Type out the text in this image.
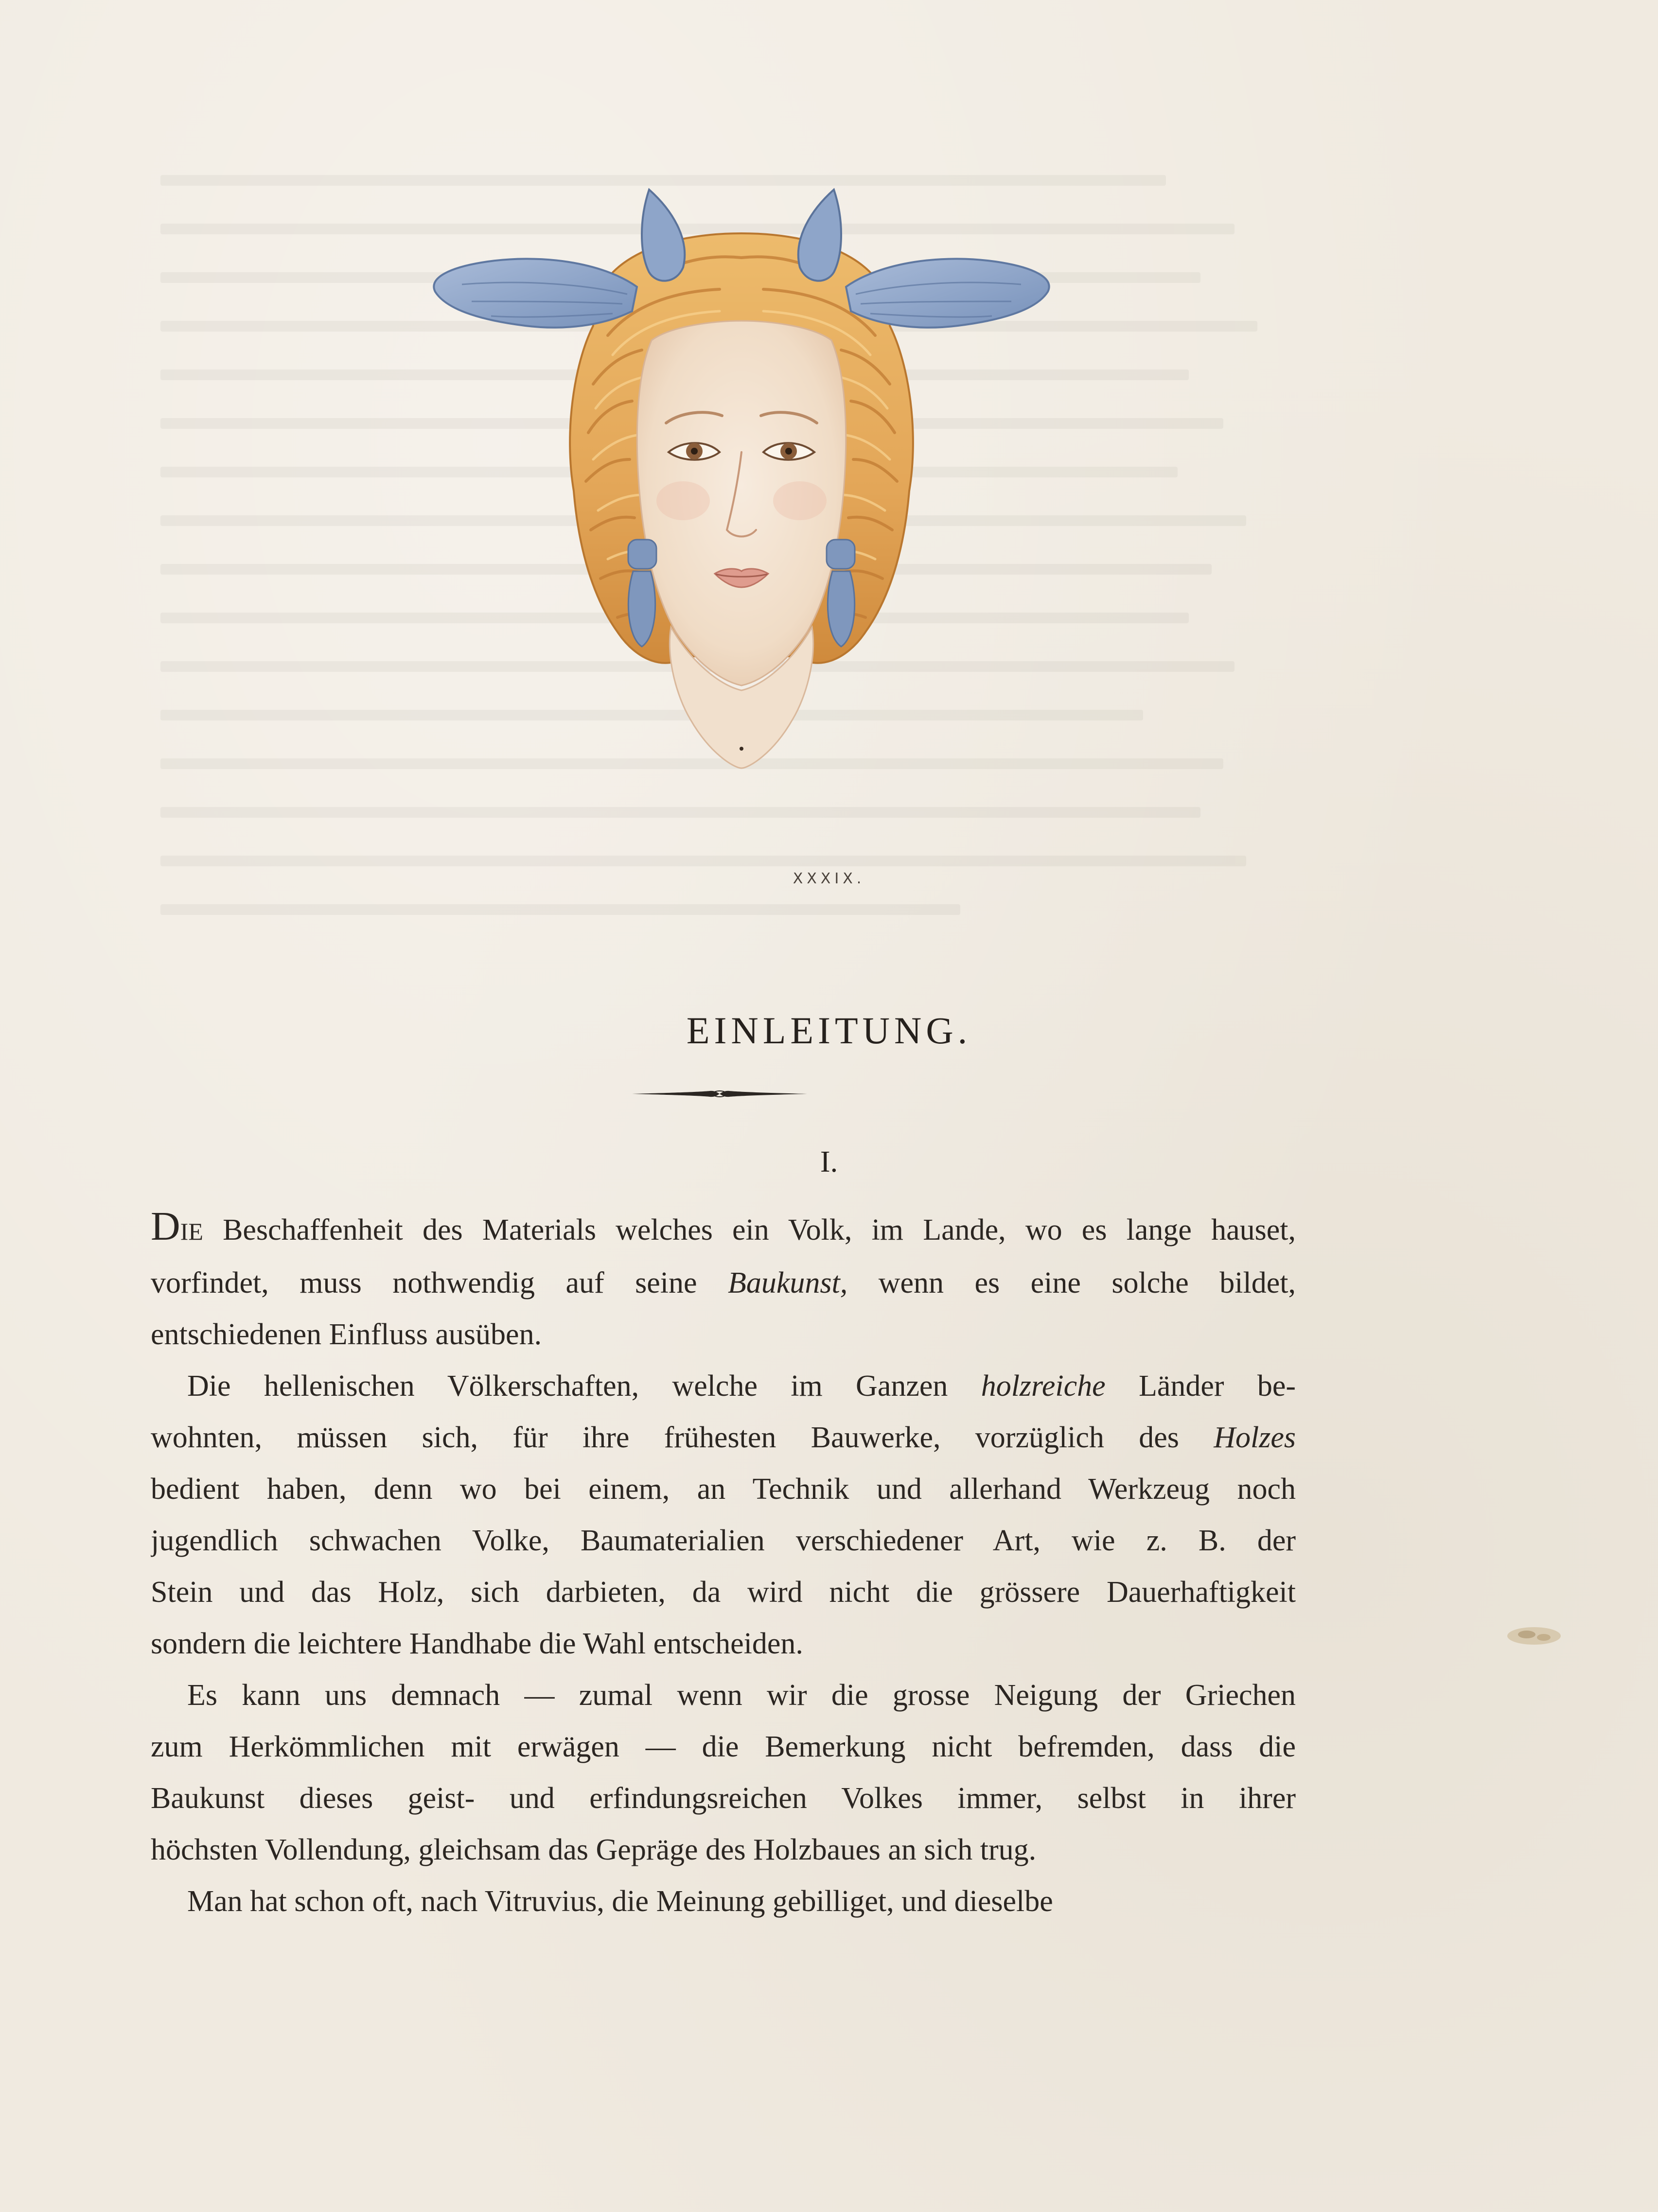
XXXIX.
EINLEITUNG.
I.
DIE Beschaffenheit des Materials welches ein Volk, im Lande, wo es lange hauset,
vorfindet, muss nothwendig auf seine Baukunst, wenn es eine solche bildet,
entschiedenen Einfluss ausüben.
Die hellenischen Völkerschaften, welche im Ganzen holzreiche Länder be-
wohnten, müssen sich, für ihre frühesten Bauwerke, vorzüglich des Holzes
bedient haben, denn wo bei einem, an Technik und allerhand Werkzeug noch
jugendlich schwachen Volke, Baumaterialien verschiedener Art, wie z. B. der
Stein und das Holz, sich darbieten, da wird nicht die grössere Dauerhaftigkeit
sondern die leichtere Handhabe die Wahl entscheiden.
Es kann uns demnach — zumal wenn wir die grosse Neigung der Griechen
zum Herkömmlichen mit erwägen — die Bemerkung nicht befremden, dass die
Baukunst dieses geist- und erfindungsreichen Volkes immer, selbst in ihrer
höchsten Vollendung, gleichsam das Gepräge des Holzbaues an sich trug.
Man hat schon oft, nach Vitruvius, die Meinung gebilliget, und dieselbe
